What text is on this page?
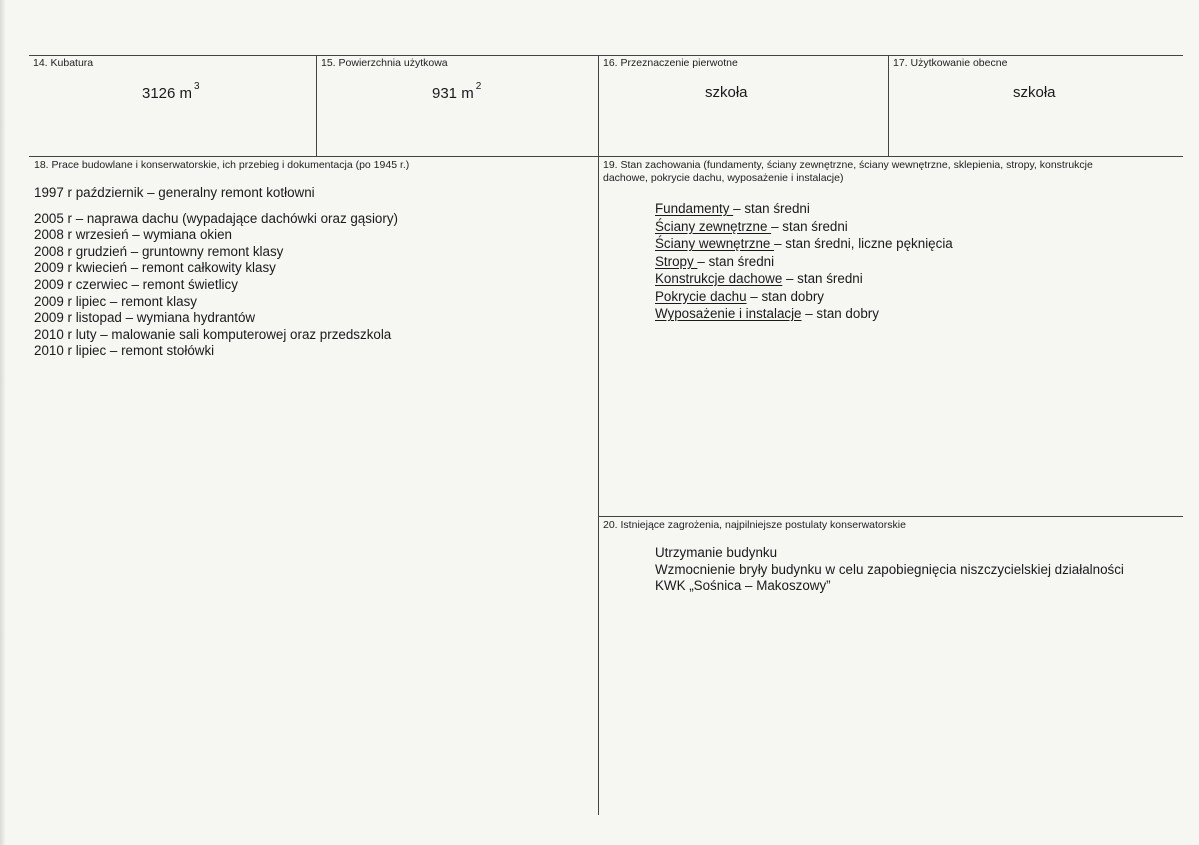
14. Kubatura
3126 m $^3$
15. Powierzchnia użytkowa
931 m $^2$
16. Przeznaczenie pierwotne
szkoła
17. Użytkowanie obecne
szkoła
18. Prace budowlane i konserwatorskie, ich przebieg i dokumentacja (po 1945 r.)
1997 r październik – generalny remont kotłowni
2005 r – naprawa dachu (wypadające dachówki oraz gąsiory)
2008 r wrzesień – wymiana okien
2008 r grudzień – gruntowny remont klasy
2009 r kwiecień – remont całkowity klasy
2009 r czerwiec – remont świetlicy
2009 r lipiec – remont klasy
2009 r listopad – wymiana hydrantów
2010 r luty – malowanie sali komputerowej oraz przedszkola
2010 r lipiec – remont stołówki
19. Stan zachowania (fundamenty, ściany zewnętrzne, ściany wewnętrzne, sklepienia, stropy, konstrukcje dachowe, pokrycie dachu, wyposażenie i instalacje)
Fundamenty – stan średni
Ściany zewnętrzne – stan średni
Ściany wewnętrzne – stan średni, liczne pęknięcia
Stropy – stan średni
Konstrukcje dachowe – stan średni
Pokrycie dachu – stan dobry
Wyposażenie i instalacje – stan dobry
20. Istniejące zagrożenia, najpilniejsze postulaty konserwatorskie
Utrzymanie budynku
Wzmocnienie bryły budynku w celu zapobiegnięcia niszczycielskiej działalności
KWK „Sośnica – Makoszowy”
